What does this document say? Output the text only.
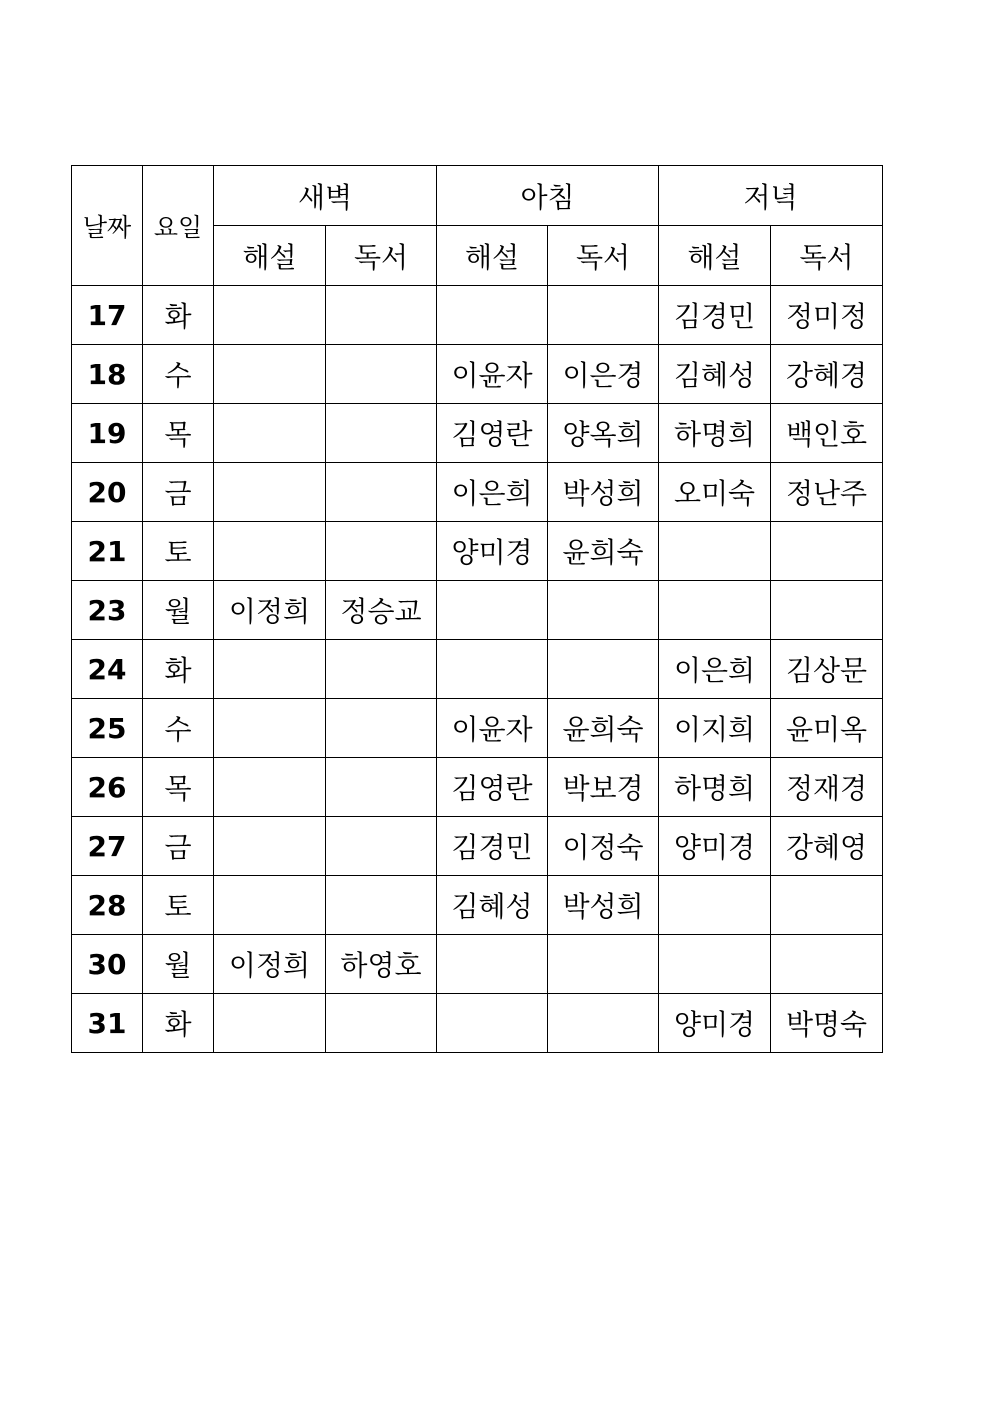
날짜	요일	새벽		아침		저녁	
		해설	독서	해설	독서	해설	독서
17	화					김경민	정미정
18	수			이윤자	이은경	김혜성	강혜경
19	목			김영란	양옥희	하명희	백인호
20	금			이은희	박성희	오미숙	정난주
21	토			양미경	윤희숙		
23	월	이정희	정승교				
24	화					이은희	김상문
25	수			이윤자	윤희숙	이지희	윤미옥
26	목			김영란	박보경	하명희	정재경
27	금			김경민	이정숙	양미경	강혜영
28	토			김혜성	박성희		
30	월	이정희	하영호				
31	화					양미경	박명숙
